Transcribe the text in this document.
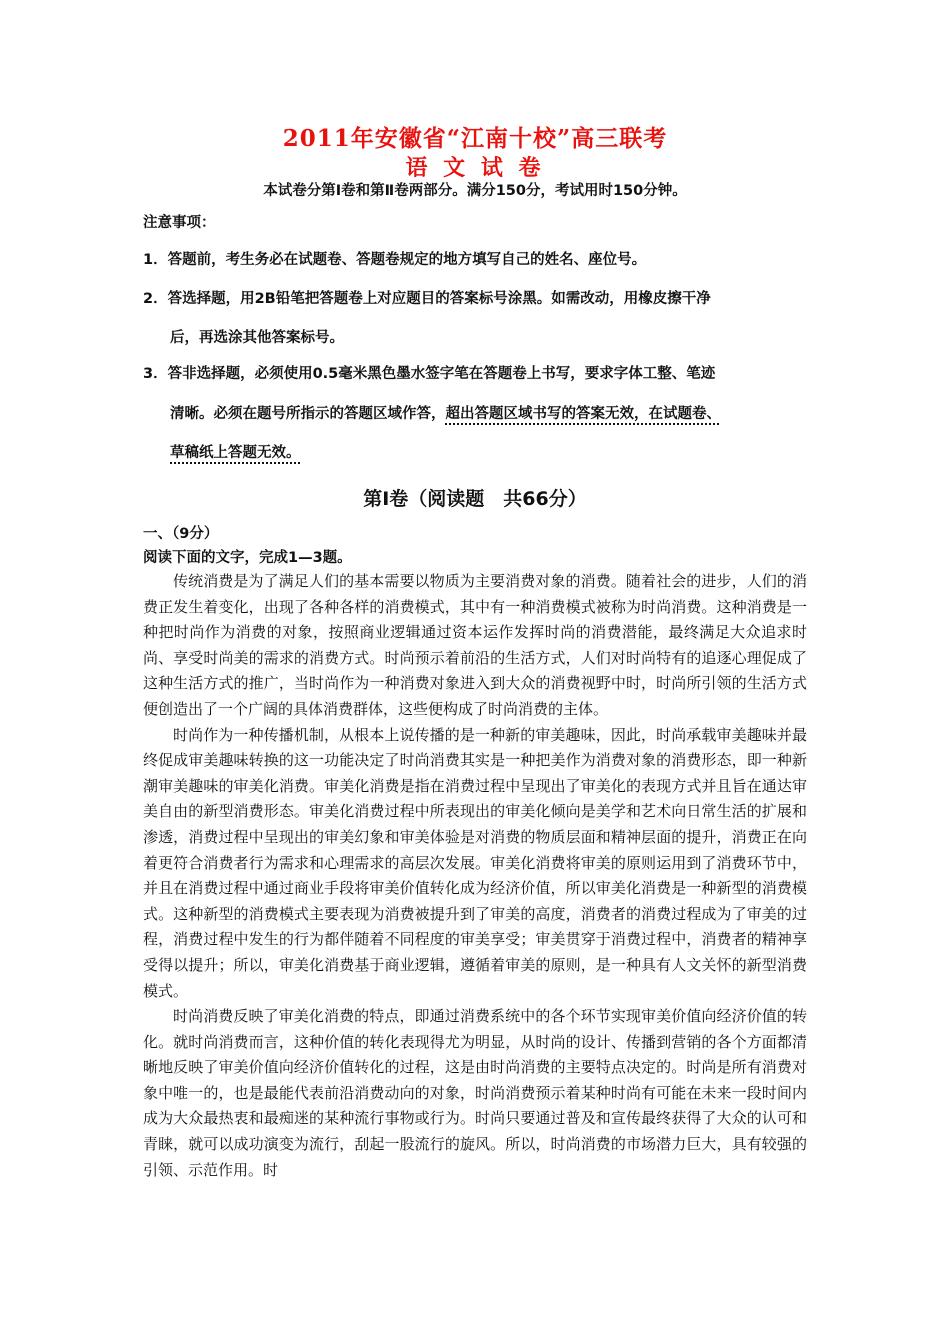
2011年安徽省“江南十校”高三联考
语 文 试 卷
本试卷分第Ⅰ卷和第Ⅱ卷两部分。满分150分，考试用时150分钟。
注意事项：
1．答题前，考生务必在试题卷、答题卷规定的地方填写自己的姓名、座位号。
2．答选择题，用2B铅笔把答题卷上对应题目的答案标号涂黑。如需改动，用橡皮擦干净
后，再选涂其他答案标号。
3．答非选择题，必须使用0.5毫米黑色墨水签字笔在答题卷上书写，要求字体工整、笔迹
清晰。必须在题号所指示的答题区域作答，超出答题区域书写的答案无效，在试题卷、
草稿纸上答题无效。
第Ⅰ卷（阅读题　共66分）
一、（9分）
阅读下面的文字，完成1—3题。

传统消费是为了满足人们的基本需要以物质为主要消费对象的消费。随着社会的进步，人们的消费正发生着变化，出现了各种各样的消费模式，其中有一种消费模式被称为时尚消费。这种消费是一种把时尚作为消费的对象，按照商业逻辑通过资本运作发挥时尚的消费潜能，最终满足大众追求时尚、享受时尚美的需求的消费方式。时尚预示着前沿的生活方式，人们对时尚特有的追逐心理促成了这种生活方式的推广，当时尚作为一种消费对象进入到大众的消费视野中时，时尚所引领的生活方式便创造出了一个广阔的具体消费群体，这些便构成了时尚消费的主体。

时尚作为一种传播机制，从根本上说传播的是一种新的审美趣味，因此，时尚承载审美趣味并最终促成审美趣味转换的这一功能决定了时尚消费其实是一种把美作为消费对象的消费形态，即一种新潮审美趣味的审美化消费。审美化消费是指在消费过程中呈现出了审美化的表现方式并且旨在通达审美自由的新型消费形态。审美化消费过程中所表现出的审美化倾向是美学和艺术向日常生活的扩展和渗透，消费过程中呈现出的审美幻象和审美体验是对消费的物质层面和精神层面的提升，消费正在向着更符合消费者行为需求和心理需求的高层次发展。审美化消费将审美的原则运用到了消费环节中，并且在消费过程中通过商业手段将审美价值转化成为经济价值，所以审美化消费是一种新型的消费模式。这种新型的消费模式主要表现为消费被提升到了审美的高度，消费者的消费过程成为了审美的过程，消费过程中发生的行为都伴随着不同程度的审美享受；审美贯穿于消费过程中，消费者的精神享受得以提升；所以，审美化消费基于商业逻辑，遵循着审美的原则，是一种具有人文关怀的新型消费模式。

时尚消费反映了审美化消费的特点，即通过消费系统中的各个环节实现审美价值向经济价值的转化。就时尚消费而言，这种价值的转化表现得尤为明显，从时尚的设计、传播到营销的各个方面都清晰地反映了审美价值向经济价值转化的过程，这是由时尚消费的主要特点决定的。时尚是所有消费对象中唯一的，也是最能代表前沿消费动向的对象，时尚消费预示着某种时尚有可能在未来一段时间内成为大众最热衷和最痴迷的某种流行事物或行为。时尚只要通过普及和宣传最终获得了大众的认可和青睐，就可以成功演变为流行，刮起一股流行的旋风。所以，时尚消费的市场潜力巨大，具有较强的引领、示范作用。时
